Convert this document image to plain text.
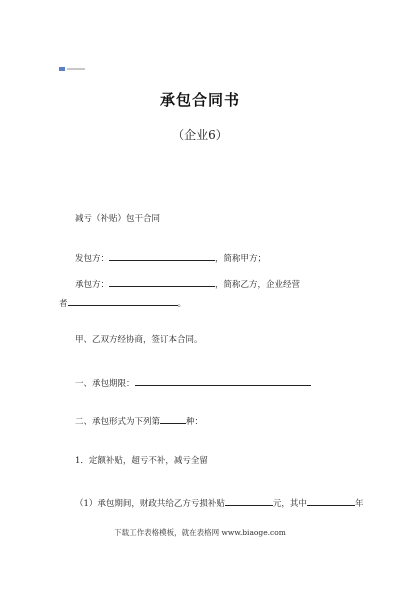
承包合同书
（企业6）
减亏（补贴）包干合同
发包方：	，简称甲方；
承包方：	，简称乙方，企业经营
者	。
甲、乙双方经协商，签订本合同。
一、承包期限：
二、承包形式为下列第	种：
1．定额补贴，超亏不补，减亏全留
（1）承包期间，财政共给乙方亏损补贴	元，其中	年
下载工作表格模板，就在表格网 www.biaoge.com
